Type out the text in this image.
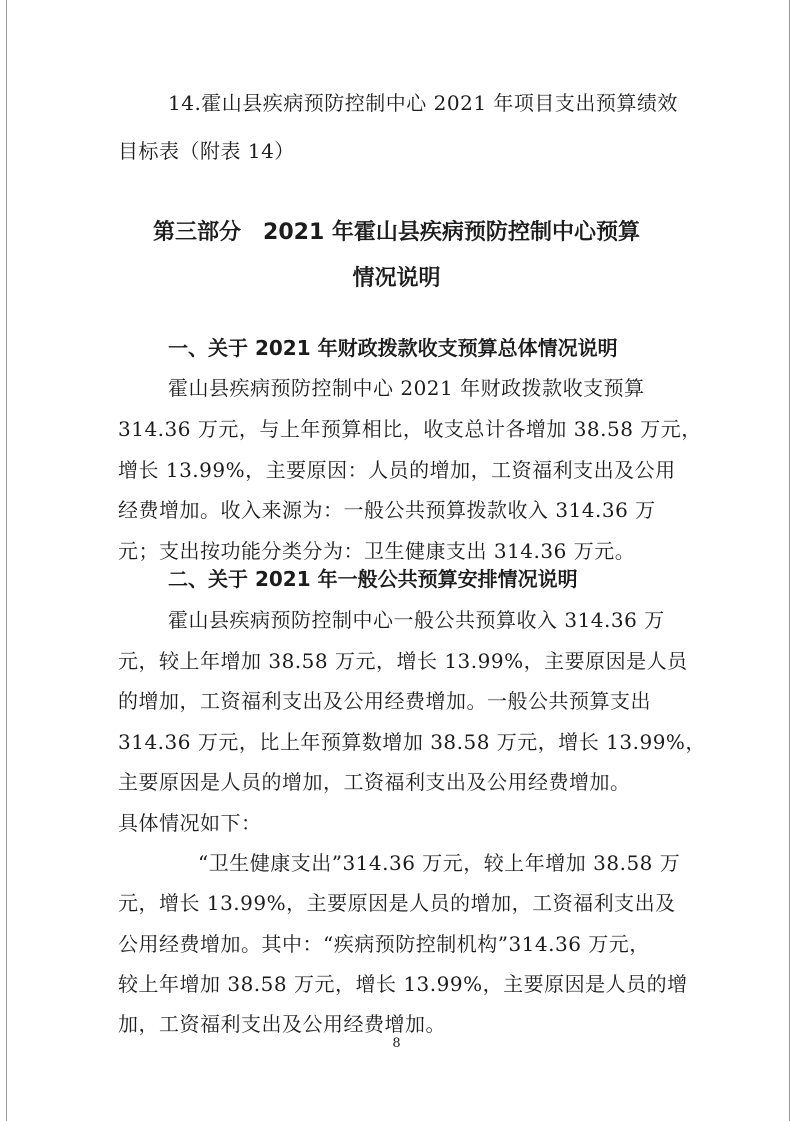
14.霍山县疾病预防控制中心 2021 年项目支出预算绩效
目标表（附表 14）
第三部分　2021 年霍山县疾病预防控制中心预算
情况说明
一、关于 2021 年财政拨款收支预算总体情况说明
霍山县疾病预防控制中心 2021 年财政拨款收支预算
314.36 万元，与上年预算相比，收支总计各增加 38.58 万元，
增长 13.99%，主要原因：人员的增加，工资福利支出及公用
经费增加。收入来源为：一般公共预算拨款收入 314.36 万
元；支出按功能分类分为：卫生健康支出 314.36 万元。
二、关于 2021 年一般公共预算安排情况说明
霍山县疾病预防控制中心一般公共预算收入 314.36 万
元，较上年增加 38.58 万元，增长 13.99%，主要原因是人员
的增加，工资福利支出及公用经费增加。一般公共预算支出
314.36 万元，比上年预算数增加 38.58 万元，增长 13.99%，
主要原因是人员的增加，工资福利支出及公用经费增加。
具体情况如下：
“卫生健康支出”314.36 万元，较上年增加 38.58 万
元，增长 13.99%，主要原因是人员的增加，工资福利支出及
公用经费增加。其中：“疾病预防控制机构”314.36 万元，
较上年增加 38.58 万元，增长 13.99%，主要原因是人员的增
加，工资福利支出及公用经费增加。
8
